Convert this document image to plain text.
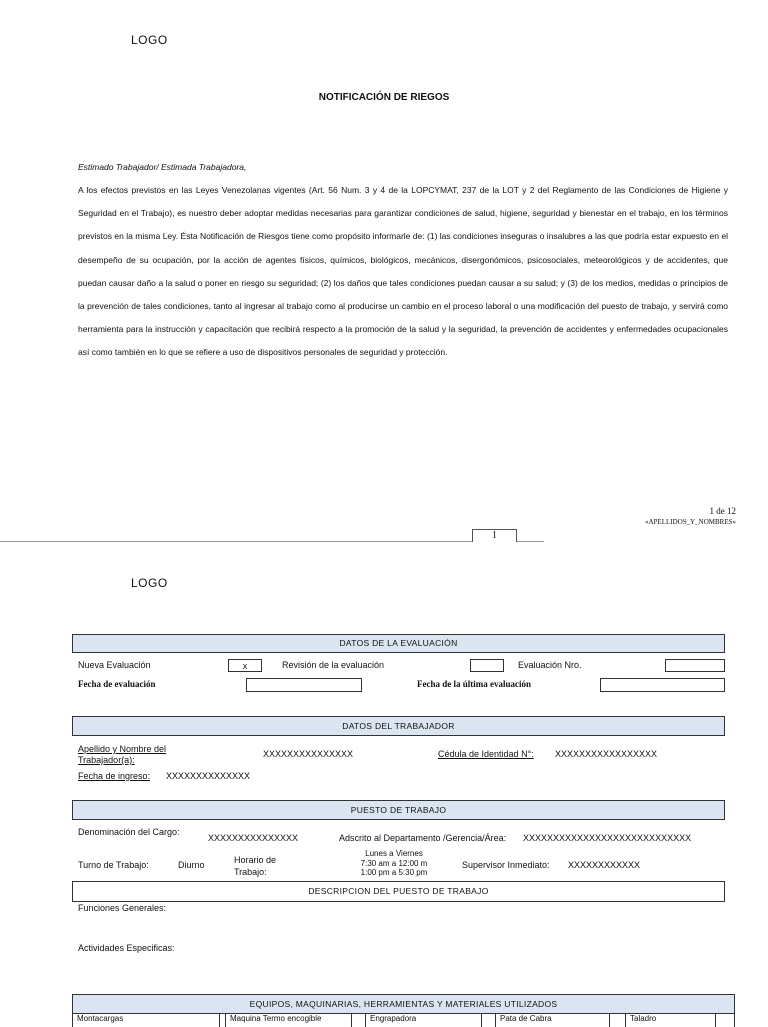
LOGO
NOTIFICACIÓN DE RIEGOS
Estimado Trabajador/ Estimada Trabajadora,
A los efectos previstos en las Leyes Venezolanas vigentes (Art. 56 Num. 3 y 4 de la LOPCYMAT, 237 de la LOT y 2 del Reglamento de las Condiciones de Higiene y Seguridad en el Trabajo), es nuestro deber adoptar medidas necesarias para garantizar condiciones de salud, higiene, seguridad y bienestar en el trabajo, en los términos previstos en la misma Ley. Ésta Notificación de Riesgos tiene como propósito informarle de: (1) las condiciones inseguras o insalubres a las que podría estar expuesto en el desempeño de su ocupación, por la acción de agentes físicos, químicos, biológicos, mecánicos, disergonómicos, psicosociales, meteorológicos y de accidentes, que puedan causar daño a la salud o poner en riesgo su seguridad; (2) los daños que tales condiciones puedan causar a su salud; y (3) de los medios, medidas o principios de la prevención de tales condiciones, tanto al ingresar al trabajo como al producirse un cambio en el proceso laboral o una modificación del puesto de trabajo, y servirá como herramienta para la instrucción y capacitación que recibirá respecto a la promoción de la salud y la seguridad, la prevención de accidentes y enfermedades ocupacionales así como también en lo que se refiere a uso de dispositivos personales de seguridad y protección.
1 de 12
«APELLIDOS_Y_NOMBRES»
1
LOGO
DATOS DE LA EVALUACIÓN
Nueva Evaluación	x	Revisión de la evaluación	Evaluación Nro.
Fecha de evaluación	Fecha de la última evaluación
DATOS DEL TRABAJADOR
Apellido y Nombre del Trabajador(a):
XXXXXXXXXXXXXXX	Cédula de Identidad N°: XXXXXXXXXXXXXXXXX
Fecha de ingreso: XXXXXXXXXXXXXX
PUESTO DE TRABAJO
Denominación del Cargo:
XXXXXXXXXXXXXXX	Adscrito al Departamento /Gerencia/Área: XXXXXXXXXXXXXXXXXXXXXXXXXXXX
Turno de Trabajo:	Diurno	Horario de Trabajo:
Lunes a Viernes
7:30 am a 12:00 m
1:00 pm a 5:30 pm
Supervisor Inmediato: XXXXXXXXXXXX
DESCRIPCION DEL PUESTO DE TRABAJO
Funciones Generales:
Actividades Especificas:
EQUIPOS, MAQUINARIAS, HERRAMIENTAS Y MATERIALES UTILIZADOS
Montacargas	Maquina Termo encogible	Engrapadora	Pata de Cabra	Taladro
